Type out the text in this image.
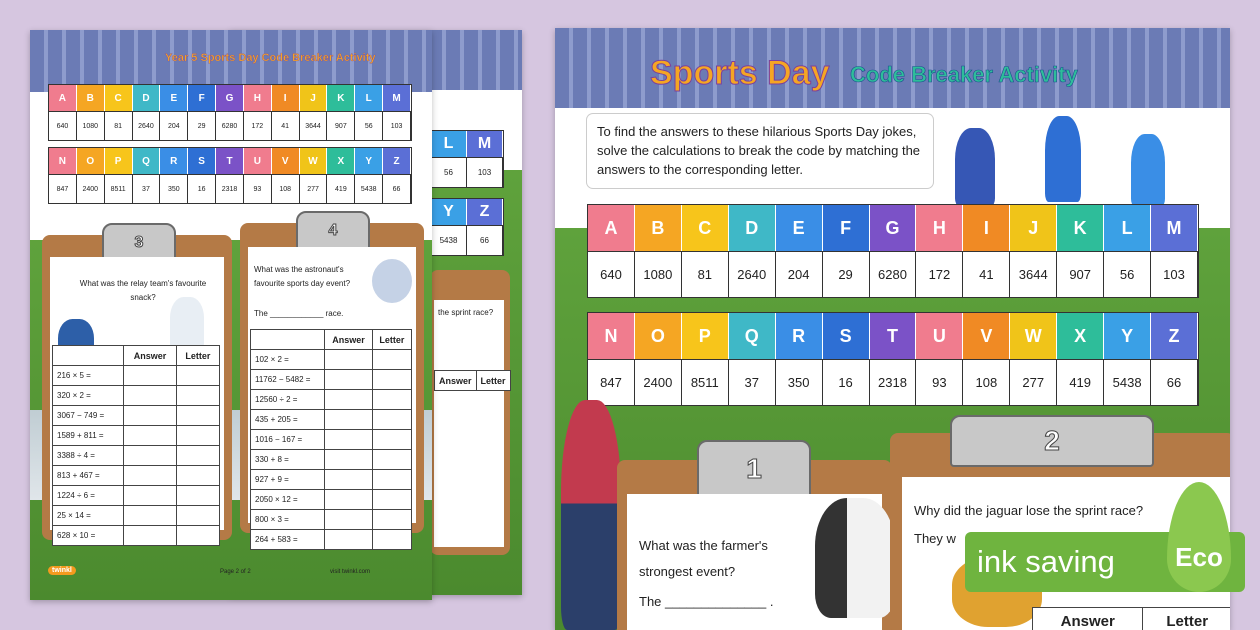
L	M
56	103
Y	Z
5438	66
the sprint race?
Answer	Letter
Year 5 Sports Day Code Breaker Activity
A	B	C	D	E	F	G	H	I	J	K	L	M
640	1080	81	2640	204	29	6280	172	41	3644	907	56	103
N	O	P	Q	R	S	T	U	V	W	X	Y	Z
847	2400	8511	37	350	16	2318	93	108	277	419	5438	66
3
What was the relay team's favourite snack?
	Answer	Letter
216 × 5 =		
320 × 2 =		
3067 − 749 =		
1589 + 811 =		
3388 ÷ 4 =		
813 + 467 =		
1224 ÷ 6 =		
25 × 14 =		
628 × 10 =		
4
What was the astronaut's favourite sports day event?
The ____________ race.
	Answer	Letter
102 × 2 =		
11762 − 5482 =		
12560 ÷ 2 =		
435 + 205 =		
1016 − 167 =		
330 + 8 =		
927 + 9 =		
2050 × 12 =		
800 × 3 =		
264 + 583 =		
twinkl	Page 2 of 2	visit twinkl.com
Sports Day Code Breaker Activity
To find the answers to these hilarious Sports Day jokes, solve the calculations to break the code by matching the answers to the corresponding letter.
A	B	C	D	E	F	G	H	I	J	K	L	M
640	1080	81	2640	204	29	6280	172	41	3644	907	56	103
N	O	P	Q	R	S	T	U	V	W	X	Y	Z
847	2400	8511	37	350	16	2318	93	108	277	419	5438	66
1
What was the farmer's
strongest event?
The ______________ .
2
Why did the jaguar lose the sprint race?
They w
Answer	Letter
ink saving Eco
